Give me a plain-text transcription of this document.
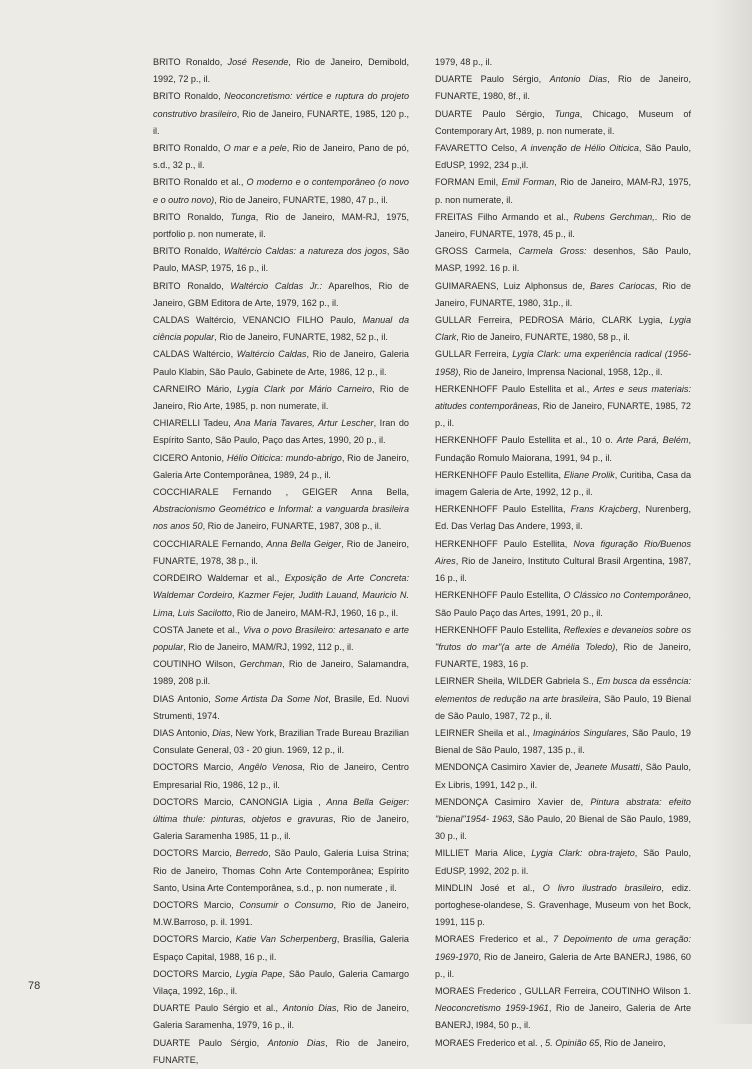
BRITO Ronaldo, José Resende, Rio de Janeiro, Demibold, 1992, 72 p., il.

BRITO Ronaldo, Neoconcretismo: vértice e ruptura do projeto construtivo brasileiro, Rio de Janeiro, FUNARTE, 1985, 120 p., il.

BRITO Ronaldo, O mar e a pele, Rio de Janeiro, Pano de pó, s.d., 32 p., il.

BRITO Ronaldo et al., O moderno e o contemporâneo (o novo e o outro novo), Rio de Janeiro, FUNARTE, 1980, 47 p., il.

BRITO Ronaldo, Tunga, Rio de Janeiro, MAM-RJ, 1975, portfolio p. non numerate, il.

BRITO Ronaldo, Waltércio Caldas: a natureza dos jogos, São Paulo, MASP, 1975, 16 p., il.

BRITO Ronaldo, Waltércio Caldas Jr.: Aparelhos, Rio de Janeiro, GBM Editora de Arte, 1979, 162 p., il.

CALDAS Waltércio, VENANCIO FILHO Paulo, Manual da ciência popular, Rio de Janeiro, FUNARTE, 1982, 52 p., il.

CALDAS Waltércio, Waltércio Caldas, Rio de Janeiro, Galeria Paulo Klabin, São Paulo, Gabinete de Arte, 1986, 12 p., il.

CARNEIRO Mário, Lygia Clark por Mário Carneiro, Rio de Janeiro, Rio Arte, 1985, p. non numerate, il.

CHIARELLI Tadeu, Ana Maria Tavares, Artur Lescher, Iran do Espírito Santo, São Paulo, Paço das Artes, 1990, 20 p., il.

CICERO Antonio, Hélio Oiticica: mundo-abrigo, Rio de Janeiro, Galeria Arte Contemporânea, 1989, 24 p., il.

COCCHIARALE Fernando , GEIGER Anna Bella, Abstracionismo Geométrico e Informal: a vanguarda brasileira nos anos 50, Rio de Janeiro, FUNARTE, 1987, 308 p., il.

COCCHIARALE Fernando, Anna Bella Geiger, Rio de Janeiro, FUNARTE, 1978, 38 p., il.

CORDEIRO Waldemar et al., Exposição de Arte Concreta: Waldemar Cordeiro, Kazmer Fejer, Judith Lauand, Mauricio N. Lima, Luis Sacilotto, Rio de Janeiro, MAM-RJ, 1960, 16 p., il.

COSTA Janete et al., Viva o povo Brasileiro: artesanato e arte popular, Rio de Janeiro, MAM/RJ, 1992, 112 p., il.

COUTINHO Wilson, Gerchman, Rio de Janeiro, Salamandra, 1989, 208 p.il.

DIAS Antonio, Some Artista Da Some Not, Brasile, Ed. Nuovi Strumenti, 1974.

DIAS Antonio, Dias, New York, Brazilian Trade Bureau Brazilian Consulate General, 03 - 20 giun. 1969, 12 p., il.

DOCTORS Marcio, Angêlo Venosa, Rio de Janeiro, Centro Empresarial Rio, 1986, 12 p., il.

DOCTORS Marcio, CANONGIA Ligia , Anna Bella Geiger: última thule: pinturas, objetos e gravuras, Rio de Janeiro, Galeria Saramenha 1985, 11 p., il.

DOCTORS Marcio, Berredo, São Paulo, Galeria Luisa Strina; Rio de Janeiro, Thomas Cohn Arte Contemporânea; Espírito Santo, Usina Arte Contemporânea, s.d., p. non numerate , il.

DOCTORS Marcio, Consumir o Consumo, Rio de Janeiro, M.W.Barroso, p. il. 1991.

DOCTORS Marcio, Katie Van Scherpenberg, Brasília, Galeria Espaço Capital, 1988, 16 p., il.

DOCTORS Marcio, Lygia Pape, São Paulo, Galeria Camargo Vilaça, 1992, 16p., il.

DUARTE Paulo Sérgio et al., Antonio Dias, Rio de Janeiro, Galeria Saramenha, 1979, 16 p., il.

DUARTE Paulo Sérgio, Antonio Dias, Rio de Janeiro, FUNARTE,

1979, 48 p., il.

DUARTE Paulo Sérgio, Antonio Dias, Rio de Janeiro, FUNARTE, 1980, 8f., il.

DUARTE Paulo Sérgio, Tunga, Chicago, Museum of Contemporary Art, 1989, p. non numerate, il.

FAVARETTO Celso, A invenção de Hélio Oiticica, São Paulo, EdUSP, 1992, 234 p.,il.

FORMAN Emil, Emil Forman, Rio de Janeiro, MAM-RJ, 1975, p. non numerate, il.

FREITAS Filho Armando et al., Rubens Gerchman,. Rio de Janeiro, FUNARTE, 1978, 45 p., il.

GROSS Carmela, Carmela Gross: desenhos, São Paulo, MASP, 1992. 16 p. il.

GUIMARAENS, Luiz Alphonsus de, Bares Cariocas, Rio de Janeiro, FUNARTE, 1980, 31p., il.

GULLAR Ferreira, PEDROSA Mário, CLARK Lygia, Lygia Clark, Rio de Janeiro, FUNARTE, 1980, 58 p., il.

GULLAR Ferreira, Lygia Clark: uma experiência radical (1956-1958), Rio de Janeiro, Imprensa Nacional, 1958, 12p., il.

HERKENHOFF Paulo Estellita et al., Artes e seus materiais: atitudes contemporâneas, Rio de Janeiro, FUNARTE, 1985, 72 p., il.

HERKENHOFF Paulo Estellita et al., 10 o. Arte Pará, Belém, Fundação Romulo Maiorana, 1991, 94 p., il.

HERKENHOFF Paulo Estellita, Eliane Prolik, Curitiba, Casa da imagem Galeria de Arte, 1992, 12 p., il.

HERKENHOFF Paulo Estellita, Frans Krajcberg, Nurenberg, Ed. Das Verlag Das Andere, 1993, il.

HERKENHOFF Paulo Estellita, Nova figuração Rio/Buenos Aires, Rio de Janeiro, Instituto Cultural Brasil Argentina, 1987, 16 p., il.

HERKENHOFF Paulo Estellita, O Clássico no Contemporâneo, São Paulo Paço das Artes, 1991, 20 p., il.

HERKENHOFF Paulo Estellita, Reflexies e devaneios sobre os "frutos do mar"(a arte de Amélia Toledo), Rio de Janeiro, FUNARTE, 1983, 16 p.

LEIRNER Sheila, WILDER Gabriela S., Em busca da essência: elementos de redução na arte brasileira, São Paulo, 19 Bienal de São Paulo, 1987, 72 p., il.

LEIRNER Sheila et al., Imaginários Singulares, São Paulo, 19 Bienal de São Paulo, 1987, 135 p., il.

MENDONÇA Casimiro Xavier de, Jeanete Musatti, São Paulo, Ex Libris, 1991, 142 p., il.

MENDONÇA Casimiro Xavier de, Pintura abstrata: efeito "bienal"1954- 1963, São Paulo, 20 Bienal de São Paulo, 1989, 30 p., il.

MILLIET Maria Alice, Lygia Clark: obra-trajeto, São Paulo, EdUSP, 1992, 202 p. il.

MINDLIN José et al., O livro ilustrado brasileiro, ediz. portoghese-olandese, S. Gravenhage, Museum von het Bock, 1991, 115 p.

MORAES Frederico et al., 7 Depoimento de uma geração: 1969-1970, Rio de Janeiro, Galeria de Arte BANERJ, 1986, 60 p., il.

MORAES Frederico , GULLAR Ferreira, COUTINHO Wilson 1. Neoconcretismo 1959-1961, Rio de Janeiro, Galeria de Arte BANERJ, I984, 50 p., il.

MORAES Frederico et al. , 5. Opinião 65, Rio de Janeiro,

78
